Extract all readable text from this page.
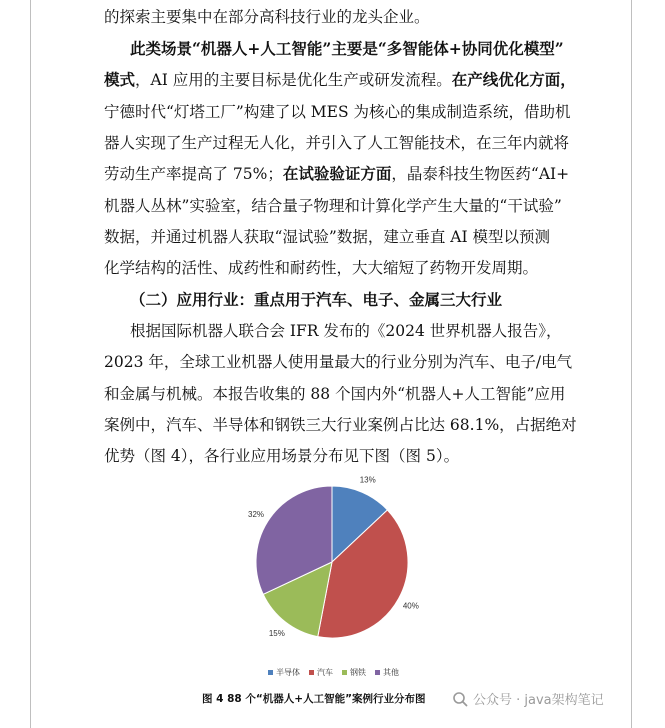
的探索主要集中在部分高科技行业的龙头企业。
此类场景“机器人+人工智能”主要是“多智能体+协同优化模型”
模式，AI 应用的主要目标是优化生产或研发流程。在产线优化方面，
宁德时代“灯塔工厂”构建了以 MES 为核心的集成制造系统，借助机
器人实现了生产过程无人化，并引入了人工智能技术，在三年内就将
劳动生产率提高了 75%；在试验验证方面，晶泰科技生物医药“AI+
机器人丛林”实验室，结合量子物理和计算化学产生大量的“干试验”
数据，并通过机器人获取“湿试验”数据，建立垂直 AI 模型以预测
化学结构的活性、成药性和耐药性，大大缩短了药物开发周期。
（二）应用行业：重点用于汽车、电子、金属三大行业
根据国际机器人联合会 IFR 发布的《2024 世界机器人报告》，
2023 年，全球工业机器人使用量最大的行业分别为汽车、电子/电气
和金属与机械。本报告收集的 88 个国内外“机器人+人工智能”应用
案例中，汽车、半导体和钢铁三大行业案例占比达 68.1%，占据绝对
优势（图 4），各行业应用场景分布见下图（图 5）。
13%
40%
15%
32%
半导体 汽车 钢铁 其他
图 4 88 个“机器人+人工智能”案例行业分布图	公众号 · java架构笔记
